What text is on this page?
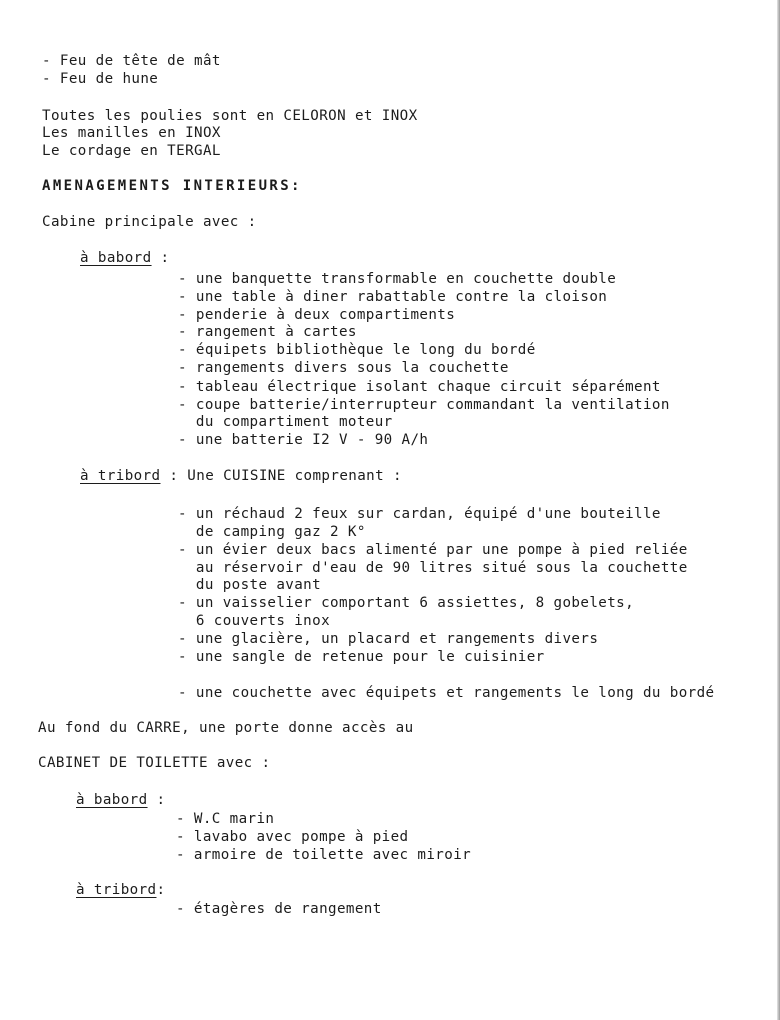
- Feu de tête de mât
- Feu de hune
Toutes les poulies sont en CELORON et INOX
Les manilles en INOX
Le cordage en TERGAL
AMENAGEMENTS INTERIEURS:
Cabine principale avec :
à babord :
- une banquette transformable en couchette double
- une table à diner rabattable contre la cloison
- penderie à deux compartiments
- rangement à cartes
- équipets bibliothèque le long du bordé
- rangements divers sous la couchette
- tableau électrique isolant chaque circuit séparément
- coupe batterie/interrupteur commandant la ventilation
du compartiment moteur
- une batterie I2 V - 90 A/h
à tribord : Une CUISINE comprenant :
- un réchaud 2 feux sur cardan, équipé d'une bouteille
de camping gaz 2 K°
- un évier deux bacs alimenté par une pompe à pied reliée
au réservoir d'eau de 90 litres situé sous la couchette
du poste avant
- un vaisselier comportant 6 assiettes, 8 gobelets,
6 couverts inox
- une glacière, un placard et rangements divers
- une sangle de retenue pour le cuisinier
- une couchette avec équipets et rangements le long du bordé
Au fond du CARRE, une porte donne accès au
CABINET DE TOILETTE avec :
à babord :
- W.C marin
- lavabo avec pompe à pied
- armoire de toilette avec miroir
à tribord:
- étagères de rangement
